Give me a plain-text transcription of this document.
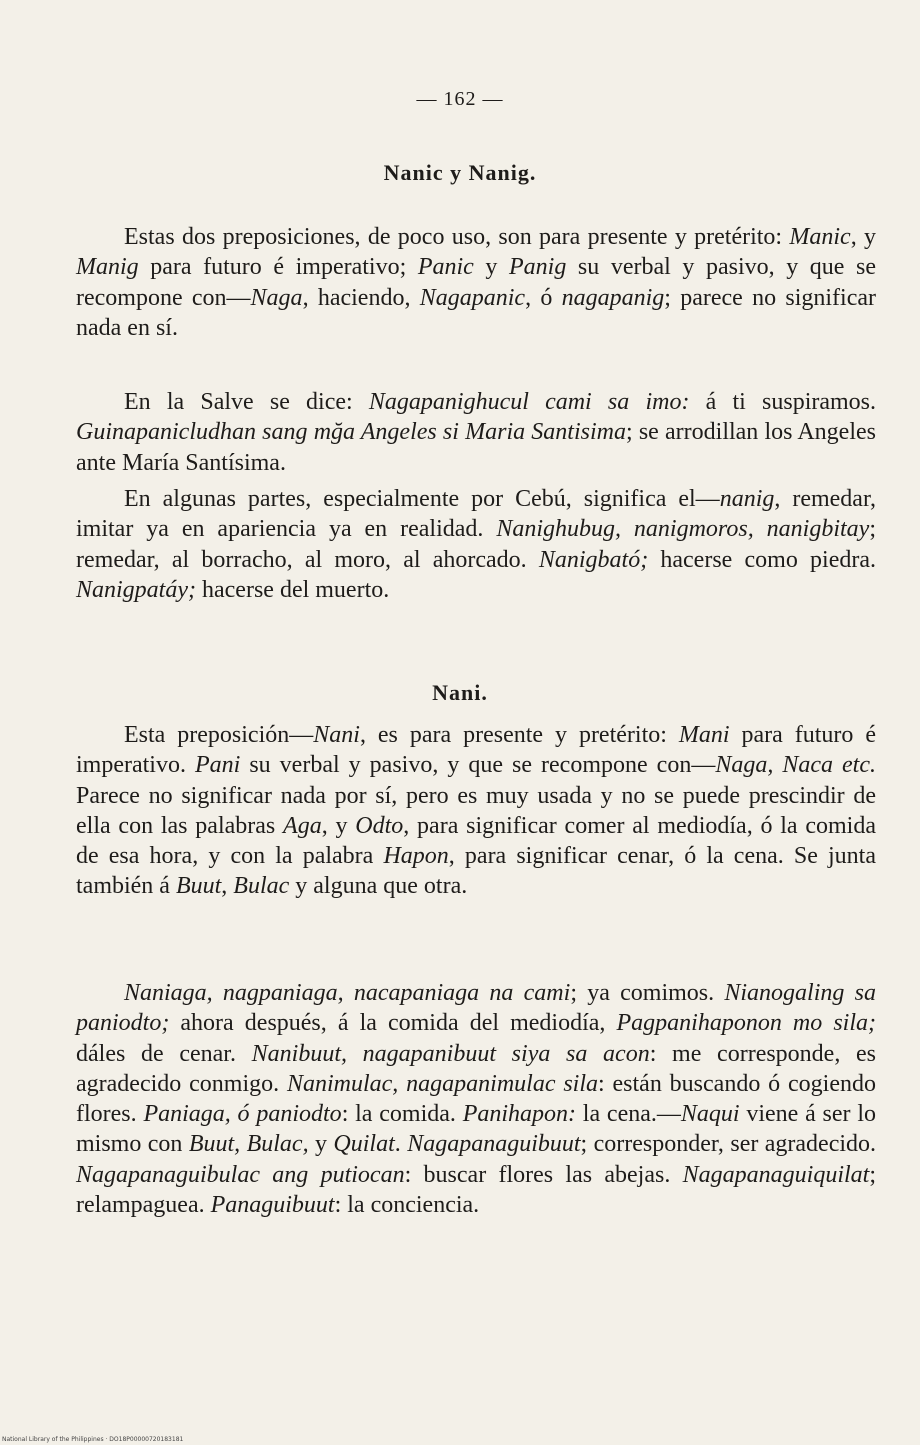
— 162 —
Nanic y Nanig.

Estas dos preposiciones, de poco uso, son para presente y pretérito: Manic, y Manig para futuro é imperativo; Panic y Panig su verbal y pasivo, y que se recompone con—Naga, haciendo, Nagapanic, ó nagapanig; parece no significar nada en sí.

En la Salve se dice: Nagapanighucul cami sa imo: á ti suspiramos. Guinapanicludhan sang mğa Angeles si Maria Santisima; se arrodillan los Angeles ante María Santísima.

En algunas partes, especialmente por Cebú, significa el—nanig, remedar, imitar ya en apariencia ya en realidad. Nanighubug, nanigmoros, nanigbitay; remedar, al borracho, al moro, al ahorcado. Nanigbató; hacerse como piedra. Nanigpatáy; hacerse del muerto.

Nani.

Esta preposición—Nani, es para presente y pretérito: Mani para futuro é imperativo. Pani su verbal y pasivo, y que se recompone con—Naga, Naca etc. Parece no significar nada por sí, pero es muy usada y no se puede prescindir de ella con las palabras Aga, y Odto, para significar comer al mediodía, ó la comida de esa hora, y con la palabra Hapon, para significar cenar, ó la cena. Se junta también á Buut, Bulac y alguna que otra.

Naniaga, nagpaniaga, nacapaniaga na cami; ya comimos. Nianogaling sa paniodto; ahora después, á la comida del mediodía, Pagpanihaponon mo sila; dáles de cenar. Nanibuut, nagapanibuut siya sa acon: me corresponde, es agradecido conmigo. Nanimulac, nagapanimulac sila: están buscando ó cogiendo flores. Paniaga, ó paniodto: la comida. Panihapon: la cena.—Naqui viene á ser lo mismo con Buut, Bulac, y Quilat. Nagapanaguibuut; corresponder, ser agradecido. Nagapanaguibulac ang putiocan: buscar flores las abejas. Nagapanaguiquilat; relampaguea. Panaguibuut: la conciencia.

National Library of the Philippines · DO18P00000720183181
